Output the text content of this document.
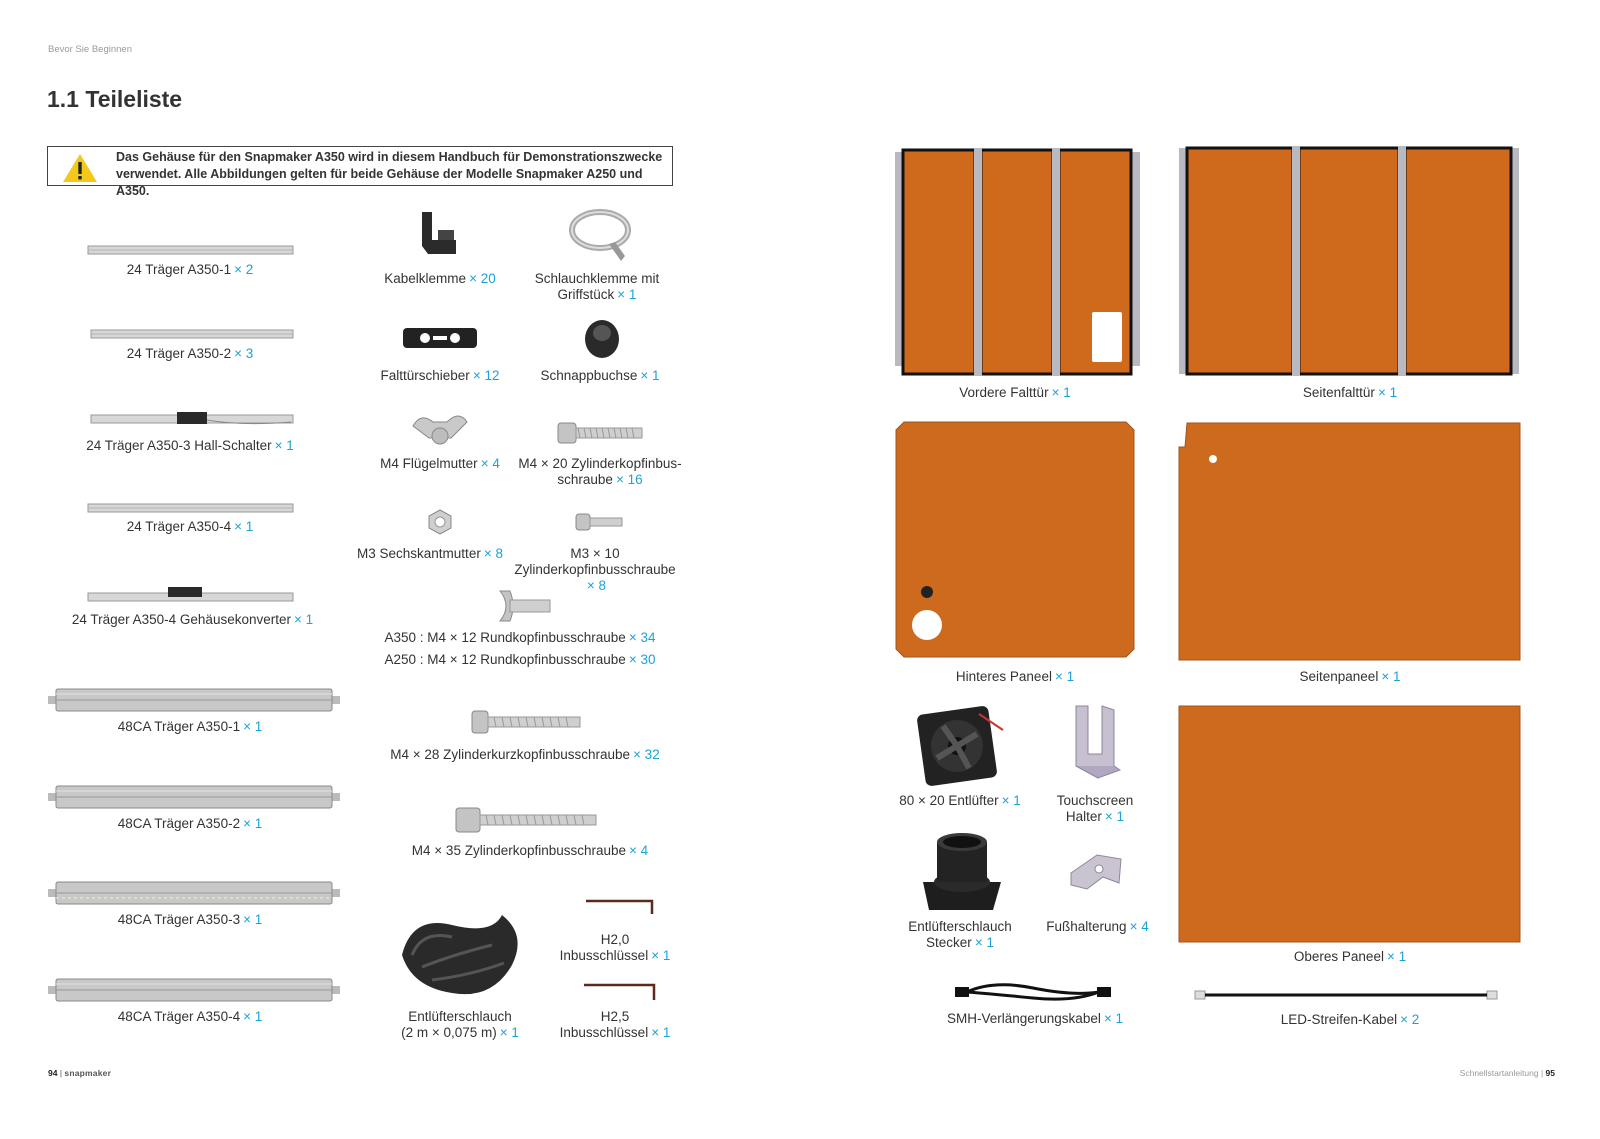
Bevor Sie Beginnen
1.1 Teileliste
Das Gehäuse für den Snapmaker A350 wird in diesem Handbuch für Demonstrationszwecke
verwendet. Alle Abbildungen gelten für beide Gehäuse der Modelle Snapmaker A250 und A350.
24 Träger A350-1 × 2
24 Träger A350-2 × 3
24 Träger A350-3 Hall-Schalter × 1
24 Träger A350-4 × 1
24 Träger A350-4 Gehäusekonverter × 1
48CA Träger A350-1 × 1
48CA Träger A350-2 × 1
48CA Träger A350-3 × 1
48CA Träger A350-4 × 1
Kabelklemme × 20	Schlauchklemme mit
Griffstück × 1
Falttürschieber × 12	Schnappbuchse × 1
M4 Flügelmutter × 4	M4 × 20 Zylinderkopfinbus-
schraube × 16
M3 Sechskantmutter × 8	M3 × 10
Zylinderkopfinbusschraube
× 8
A350 : M4 × 12 Rundkopfinbusschraube × 34
A250 : M4 × 12 Rundkopfinbusschraube × 30
M4 × 28 Zylinderkurzkopfinbusschraube × 32
M4 × 35 Zylinderkopfinbusschraube × 4
Entlüfterschlauch
(2 m × 0,075 m) × 1
H2,0
Inbusschlüssel × 1
H2,5
Inbusschlüssel × 1
Vordere Falttür × 1	Seitenfalttür × 1
Hinteres Paneel × 1	Seitenpaneel × 1
80 × 20 Entlüfter × 1	Touchscreen
Halter × 1
Entlüfterschlauch
Stecker × 1
Fußhalterung × 4
Oberes Paneel × 1
SMH-Verlängerungskabel × 1	LED-Streifen-Kabel × 2
94 | snapmaker	Schnellstartanleitung | 95
